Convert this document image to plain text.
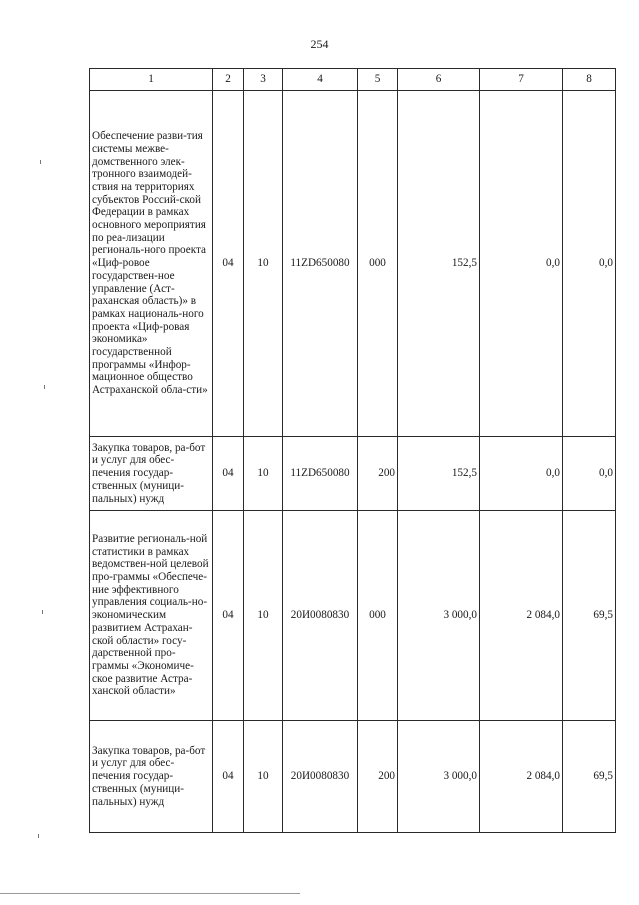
254
1	2	3	4	5	6	7	8
Обеспечение разви-тия системы межве-домственного элек-тронного взаимодей-ствия на территориях субъектов Россий-ской Федерации в рамках основного мероприятия по реа-лизации региональ-ного проекта «Циф-ровое государствен-ное управление (Аст-раханская область)» в рамках националь-ного проекта «Циф-ровая экономика» государственной программы «Инфор-мационное общество Астраханской обла-сти»	04	10	11ZD650080	000	152,5	0,0	0,0
Закупка товаров, ра-бот и услуг для обес-печения государ-ственных (муници-пальных) нужд	04	10	11ZD650080	200	152,5	0,0	0,0
Развитие региональ-ной статистики в рамках ведомствен-ной целевой про-граммы «Обеспече-ние эффективного управления социаль-но-экономическим развитием Астрахан-ской области» госу-дарственной про-граммы «Экономиче-ское развитие Астра-ханской области»	04	10	20И0080830	000	3 000,0	2 084,0	69,5
Закупка товаров, ра-бот и услуг для обес-печения государ-ственных (муници-пальных) нужд	04	10	20И0080830	200	3 000,0	2 084,0	69,5
